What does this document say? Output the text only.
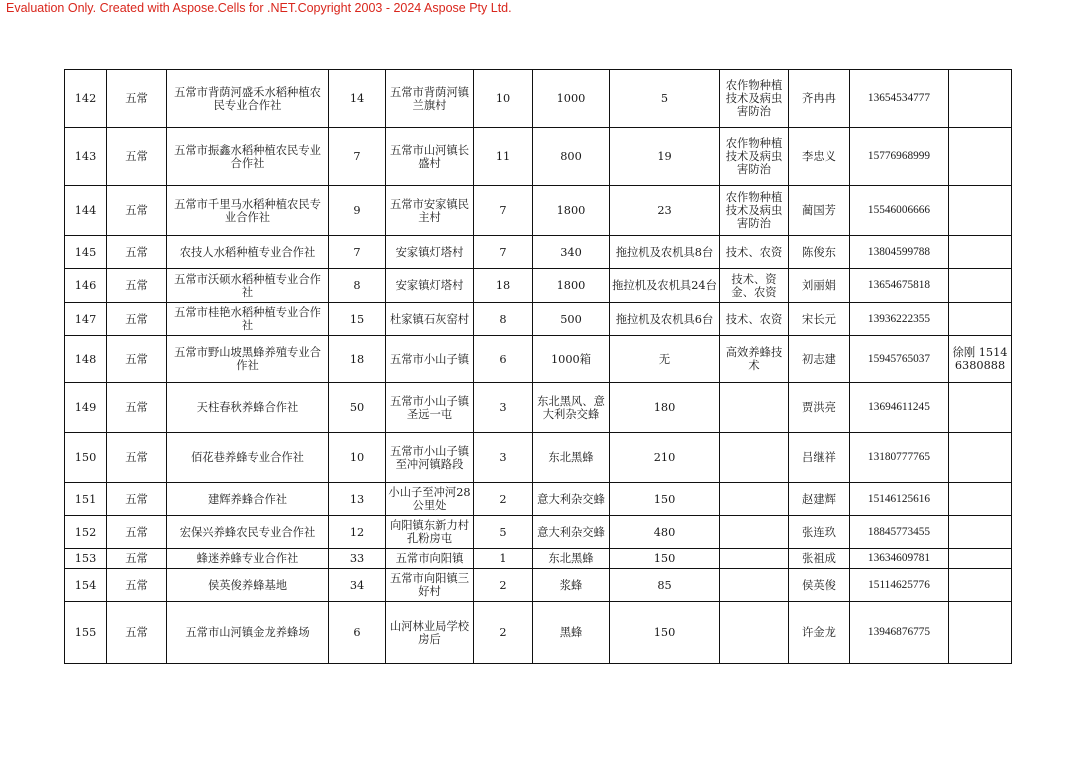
Evaluation Only. Created with Aspose.Cells for .NET.Copyright 2003 - 2024 Aspose Pty Ltd.
142	五常	五常市背荫河盛禾水稻种植农民专业合作社	14	五常市背荫河镇兰旗村	10	1000	5	农作物种植技术及病虫害防治	齐冉冉	13654534777	
143	五常	五常市振鑫水稻种植农民专业合作社	7	五常市山河镇长盛村	11	800	19	农作物种植技术及病虫害防治	李忠义	15776968999	
144	五常	五常市千里马水稻种植农民专业合作社	9	五常市安家镇民主村	7	1800	23	农作物种植技术及病虫害防治	蔺国芳	15546006666	
145	五常	农技人水稻种植专业合作社	7	安家镇灯塔村	7	340	拖拉机及农机具8台	技术、农资	陈俊东	13804599788	
146	五常	五常市沃硕水稻种植专业合作社	8	安家镇灯塔村	18	1800	拖拉机及农机具24台	技术、资金、农资	刘丽娟	13654675818	
147	五常	五常市桂艳水稻种植专业合作社	15	杜家镇石灰窑村	8	500	拖拉机及农机具6台	技术、农资	宋长元	13936222355	
148	五常	五常市野山坡黑蜂养殖专业合作社	18	五常市小山子镇	6	1000箱	无	高效养蜂技术	初志建	15945765037	徐刚 15146380888
149	五常	天柱春秋养蜂合作社	50	五常市小山子镇圣远一屯	3	东北黑风、意大利杂交蜂	180		贾洪亮	13694611245	
150	五常	佰花巷养蜂专业合作社	10	五常市小山子镇至冲河镇路段	3	东北黑蜂	210		吕继祥	13180777765	
151	五常	建辉养蜂合作社	13	小山子至冲河28公里处	2	意大利杂交蜂	150		赵建辉	15146125616	
152	五常	宏保兴养蜂农民专业合作社	12	向阳镇东新力村孔粉房屯	5	意大利杂交蜂	480		张连玖	18845773455	
153	五常	蜂迷养蜂专业合作社	33	五常市向阳镇	1	东北黑蜂	150		张祖成	13634609781	
154	五常	侯英俊养蜂基地	34	五常市向阳镇三好村	2	浆蜂	85		侯英俊	15114625776	
155	五常	五常市山河镇金龙养蜂场	6	山河林业局学校房后	2	黑蜂	150		许金龙	13946876775	
